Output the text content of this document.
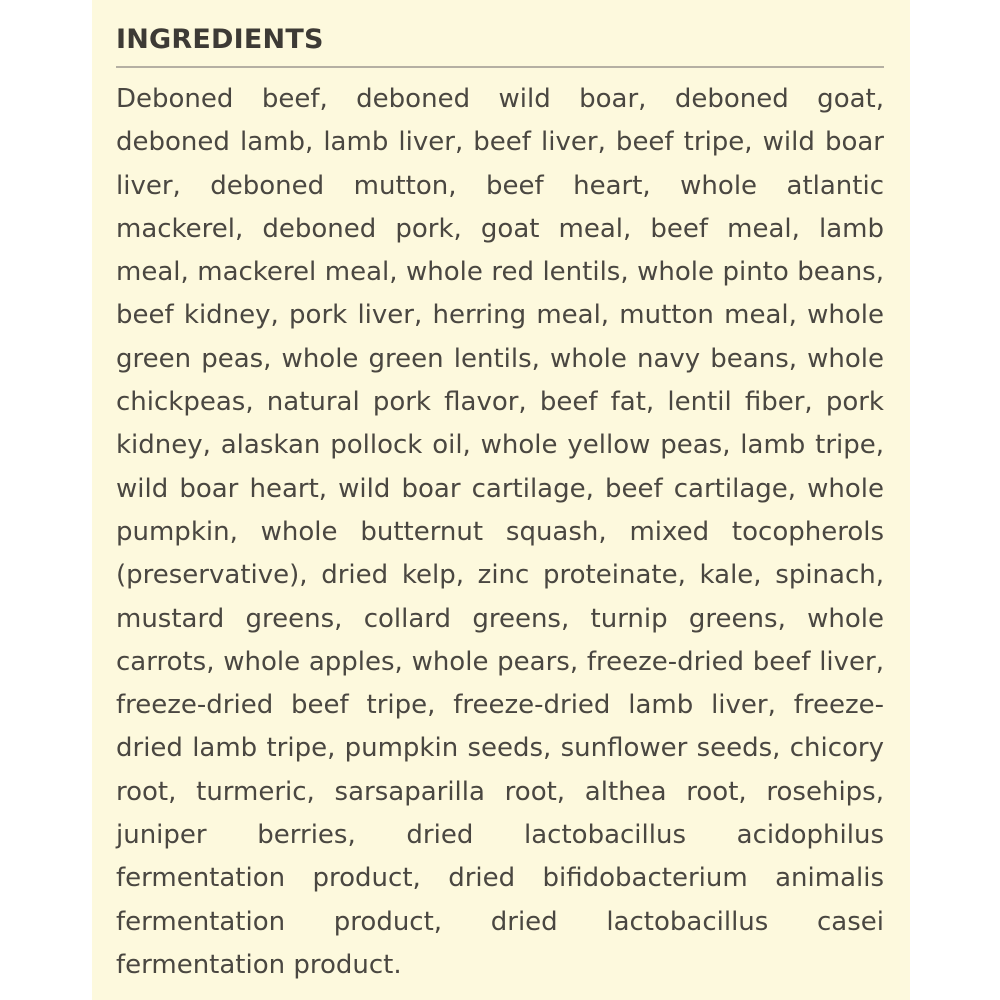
INGREDIENTS

Deboned beef, deboned wild boar, deboned goat, deboned lamb, lamb liver, beef liver, beef tripe, wild boar liver, deboned mutton, beef heart, whole atlantic mackerel, deboned pork, goat meal, beef meal, lamb meal, mackerel meal, whole red lentils, whole pinto beans, beef kidney, pork liver, herring meal, mutton meal, whole green peas, whole green lentils, whole navy beans, whole chickpeas, natural pork flavor, beef fat, lentil fiber, pork kidney, alaskan pollock oil, whole yellow peas, lamb tripe, wild boar heart, wild boar cartilage, beef cartilage, whole pumpkin, whole butternut squash, mixed tocopherols (preservative), dried kelp, zinc proteinate, kale, spinach, mustard greens, collard greens, turnip greens, whole carrots, whole apples, whole pears, freeze-dried beef liver, freeze-dried beef tripe, freeze-dried lamb liver, freeze-dried lamb tripe, pumpkin seeds, sunflower seeds, chicory root, turmeric, sarsaparilla root, althea root, rosehips, juniper berries, dried lactobacillus acidophilus fermentation product, dried bifidobacterium animalis fermentation product, dried lactobacillus casei fermentation product.
